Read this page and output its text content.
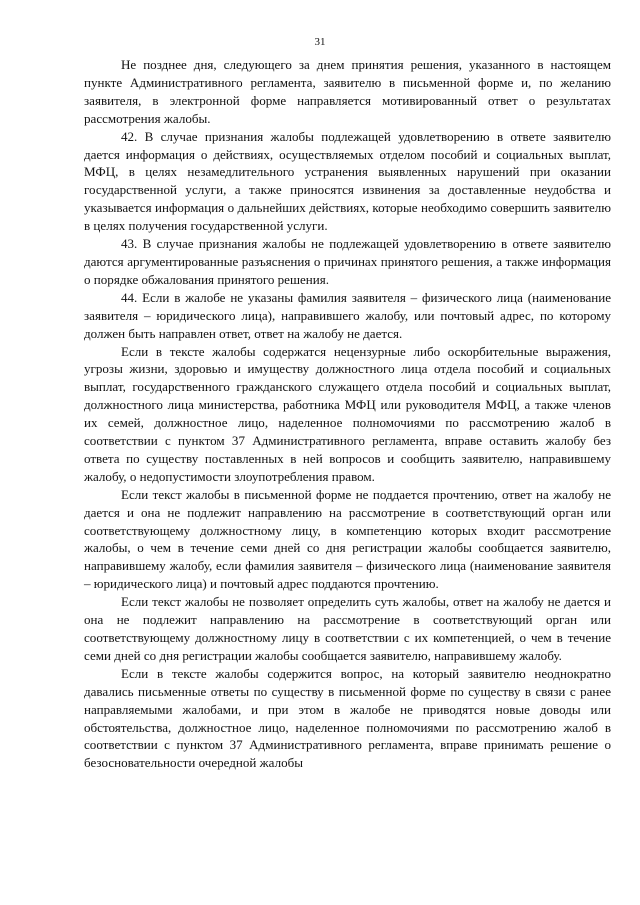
31

Не позднее дня, следующего за днем принятия решения, указанного в настоящем пункте Административного регламента, заявителю в письменной форме и, по желанию заявителя, в электронной форме направляется мотивированный ответ о результатах рассмотрения жалобы.

42. В случае признания жалобы подлежащей удовлетворению в ответе заявителю дается информация о действиях, осуществляемых отделом пособий и социальных выплат, МФЦ, в целях незамедлительного устранения выявленных нарушений при оказании государственной услуги, а также приносятся извинения за доставленные неудобства и указывается информация о дальнейших действиях, которые необходимо совершить заявителю в целях получения государственной услуги.

43. В случае признания жалобы не подлежащей удовлетворению в ответе заявителю даются аргументированные разъяснения о причинах принятого решения, а также информация о порядке обжалования принятого решения.

44. Если в жалобе не указаны фамилия заявителя – физического лица (наименование заявителя – юридического лица), направившего жалобу, или почтовый адрес, по которому должен быть направлен ответ, ответ на жалобу не дается.

Если в тексте жалобы содержатся нецензурные либо оскорбительные выражения, угрозы жизни, здоровью и имуществу должностного лица отдела пособий и социальных выплат, государственного гражданского служащего отдела пособий и социальных выплат, должностного лица министерства, работника МФЦ или руководителя МФЦ, а также членов их семей, должностное лицо, наделенное полномочиями по рассмотрению жалоб в соответствии с пунктом 37 Административного регламента, вправе оставить жалобу без ответа по существу поставленных в ней вопросов и сообщить заявителю, направившему жалобу, о недопустимости злоупотребления правом.

Если текст жалобы в письменной форме не поддается прочтению, ответ на жалобу не дается и она не подлежит направлению на рассмотрение в соответствующий орган или соответствующему должностному лицу, в компетенцию которых входит рассмотрение жалобы, о чем в течение семи дней со дня регистрации жалобы сообщается заявителю, направившему жалобу, если фамилия заявителя – физического лица (наименование заявителя – юридического лица) и почтовый адрес поддаются прочтению.

Если текст жалобы не позволяет определить суть жалобы, ответ на жалобу не дается и она не подлежит направлению на рассмотрение в соответствующий орган или соответствующему должностному лицу в соответствии с их компетенцией, о чем в течение семи дней со дня регистрации жалобы сообщается заявителю, направившему жалобу.

Если в тексте жалобы содержится вопрос, на который заявителю неоднократно давались письменные ответы по существу в письменной форме по существу в связи с ранее направляемыми жалобами, и при этом в жалобе не приводятся новые доводы или обстоятельства, должностное лицо, наделенное полномочиями по рассмотрению жалоб в соответствии с пунктом 37 Административного регламента, вправе принимать решение о безосновательности очередной жалобы
